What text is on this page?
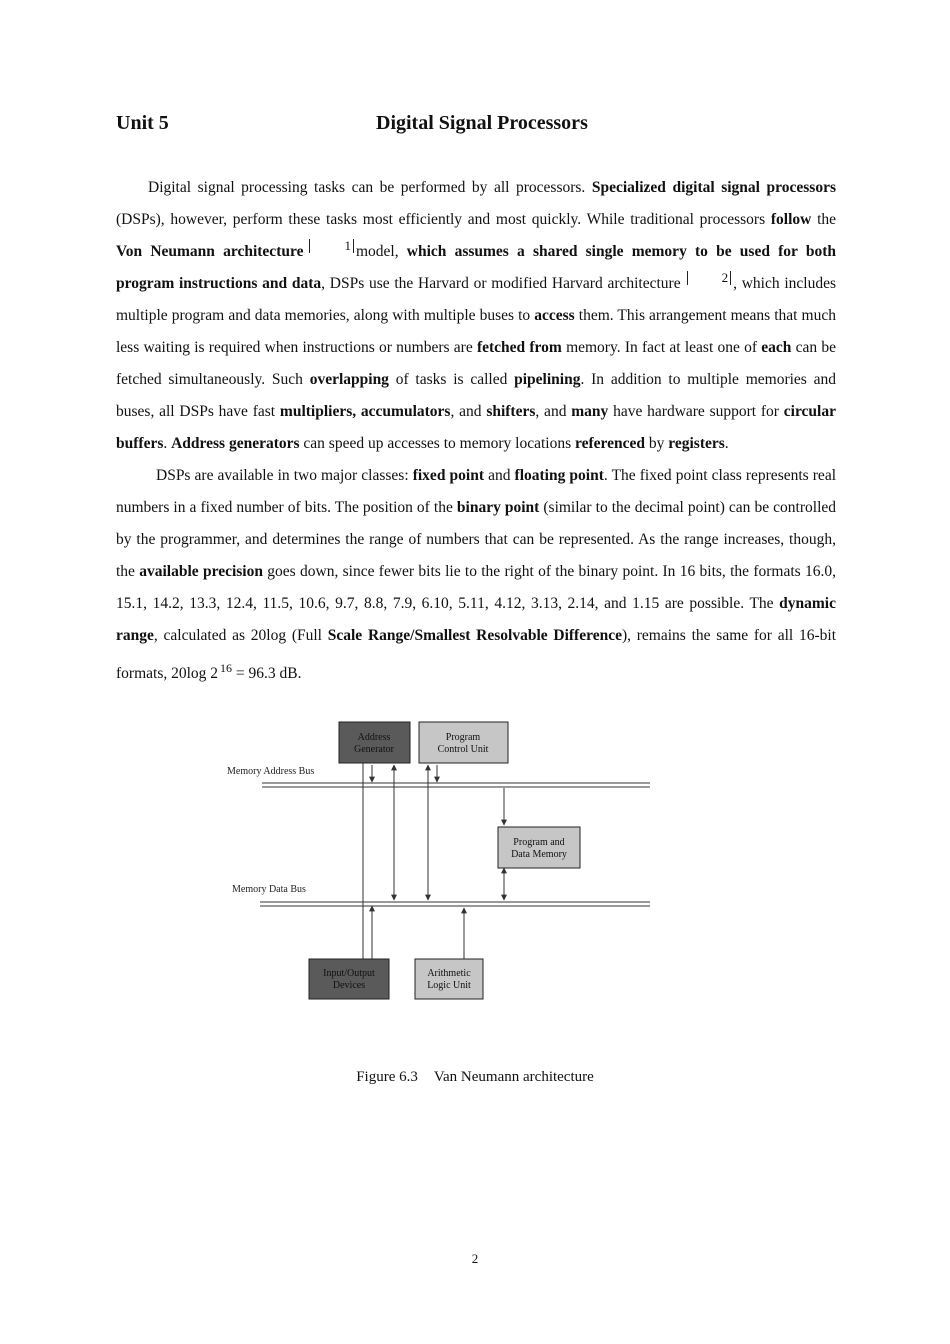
Unit 5	Digital Signal Processors

Digital signal processing tasks can be performed by all processors. Specialized digital signal processors (DSPs), however, perform these tasks most efficiently and most quickly. While traditional processors follow the Von Neumann architecture	1 model, which assumes a shared single memory to be used for both program instructions and data, DSPs use the Harvard or modified Harvard architecture	2 , which includes multiple program and data memories, along with multiple buses to access them. This arrangement means that much less waiting is required when instructions or numbers are fetched from memory. In fact at least one of each can be fetched simultaneously. Such overlapping of tasks is called pipelining. In addition to multiple memories and buses, all DSPs have fast multipliers, accumulators, and shifters, and many have hardware support for circular buffers. Address generators can speed up accesses to memory locations referenced by registers.

DSPs are available in two major classes: fixed point and floating point. The fixed point class represents real numbers in a fixed number of bits. The position of the binary point (similar to the decimal point) can be controlled by the programmer, and determines the range of numbers that can be represented. As the range increases, though, the available precision goes down, since fewer bits lie to the right of the binary point. In 16 bits, the formats 16.0, 15.1, 14.2, 13.3, 12.4, 11.5, 10.6, 9.7, 8.8, 7.9, 6.10, 5.11, 4.12, 3.13, 2.14, and 1.15 are possible. The dynamic range, calculated as 20log (Full Scale Range/Smallest Resolvable Difference), remains the same for all 16-bit formats, 20log 2 $^{16}$ = 96.3 dB.

Memory Address Bus
Memory Data Bus
Address
Generator
Program
Control Unit
Program and
Data Memory
Input/Output
Devices
Arithmetic
Logic Unit
Figure 6.3 Van Neumann architecture
2
